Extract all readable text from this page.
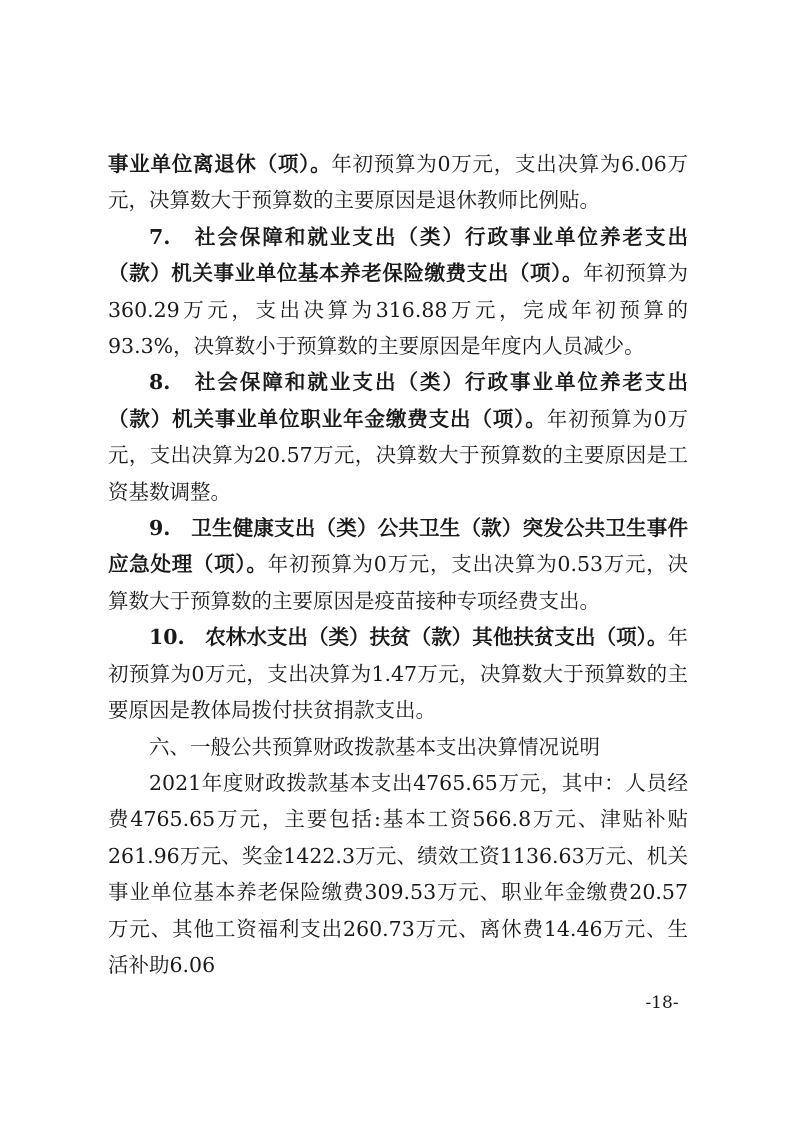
事业单位离退休（项）。年初预算为0万元，支出决算为6.06万元，决算数大于预算数的主要原因是退休教师比例贴。

7.　社会保障和就业支出（类）行政事业单位养老支出（款）机关事业单位基本养老保险缴费支出（项）。年初预算为360.29万元，支出决算为316.88万元，完成年初预算的93.3%，决算数小于预算数的主要原因是年度内人员减少。

8.　社会保障和就业支出（类）行政事业单位养老支出（款）机关事业单位职业年金缴费支出（项）。年初预算为0万元，支出决算为20.57万元，决算数大于预算数的主要原因是工资基数调整。

9.　卫生健康支出（类）公共卫生（款）突发公共卫生事件应急处理（项）。年初预算为0万元，支出决算为0.53万元，决算数大于预算数的主要原因是疫苗接种专项经费支出。

10.　农林水支出（类）扶贫（款）其他扶贫支出（项）。年初预算为0万元，支出决算为1.47万元，决算数大于预算数的主要原因是教体局拨付扶贫捐款支出。

六、一般公共预算财政拨款基本支出决算情况说明

2021年度财政拨款基本支出4765.65万元，其中：人员经费4765.65万元，主要包括:基本工资566.8万元、津贴补贴261.96万元、奖金1422.3万元、绩效工资1136.63万元、机关事业单位基本养老保险缴费309.53万元、职业年金缴费20.57万元、其他工资福利支出260.73万元、离休费14.46万元、生活补助6.06

-18-
